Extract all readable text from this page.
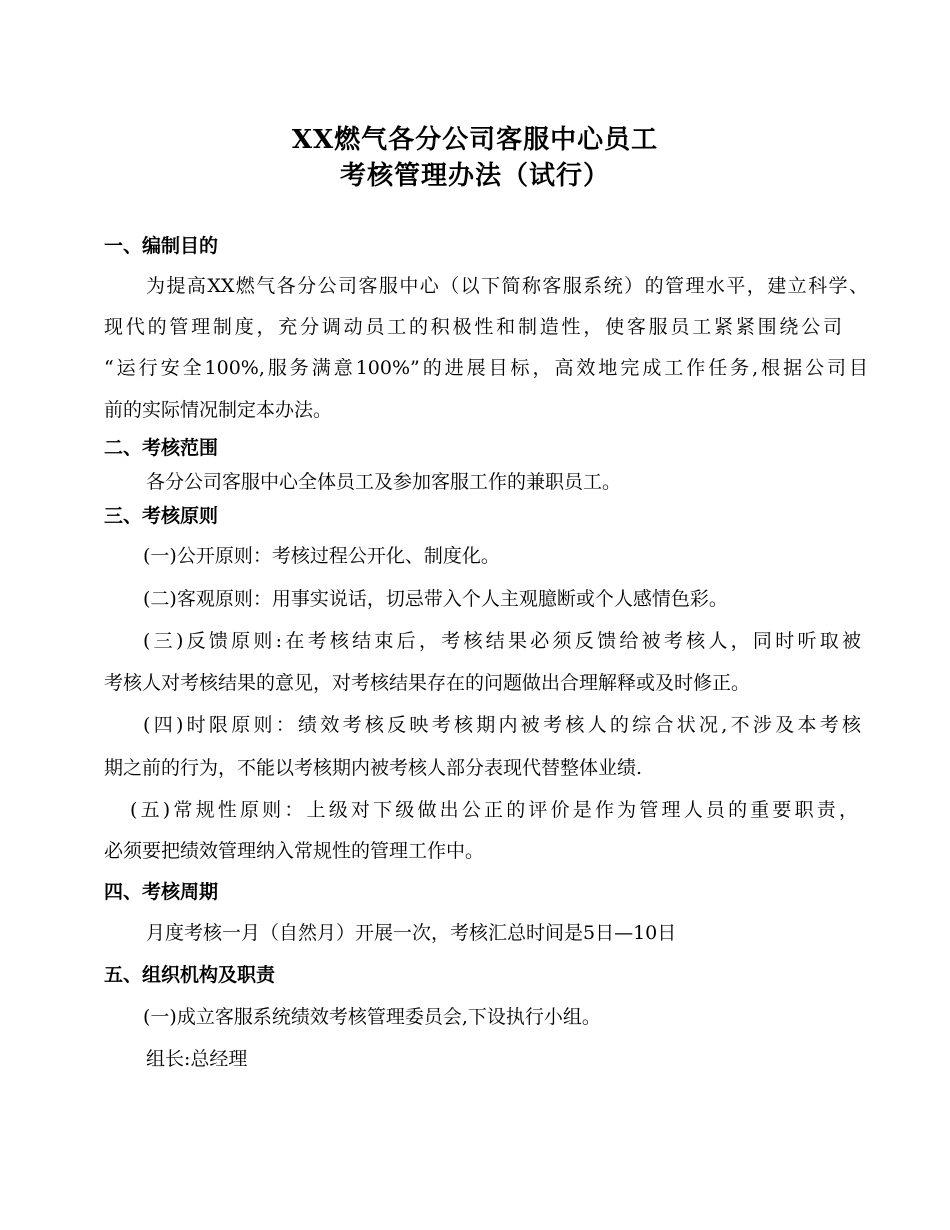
XX燃气各分公司客服中心员工
考核管理办法（试行）
一、编制目的
为提高XX燃气各分公司客服中心（以下简称客服系统）的管理水平，建立科学、
现代的管理制度，充分调动员工的积极性和制造性，使客服员工紧紧围绕公司
“运行安全100%,服务满意100%”的进展目标，高效地完成工作任务,根据公司目
前的实际情况制定本办法。
二、考核范围
各分公司客服中心全体员工及参加客服工作的兼职员工。
三、考核原则
(一)公开原则：考核过程公开化、制度化。
(二)客观原则：用事实说话，切忌带入个人主观臆断或个人感情色彩。
(三)反馈原则:在考核结束后，考核结果必须反馈给被考核人，同时听取被
考核人对考核结果的意见，对考核结果存在的问题做出合理解释或及时修正。
(四)时限原则：绩效考核反映考核期内被考核人的综合状况,不涉及本考核
期之前的行为，不能以考核期内被考核人部分表现代替整体业绩.
(五)常规性原则：上级对下级做出公正的评价是作为管理人员的重要职责，
必须要把绩效管理纳入常规性的管理工作中。
四、考核周期
月度考核一月（自然月）开展一次，考核汇总时间是5日—10日
五、组织机构及职责
(一)成立客服系统绩效考核管理委员会,下设执行小组。
组长:总经理
